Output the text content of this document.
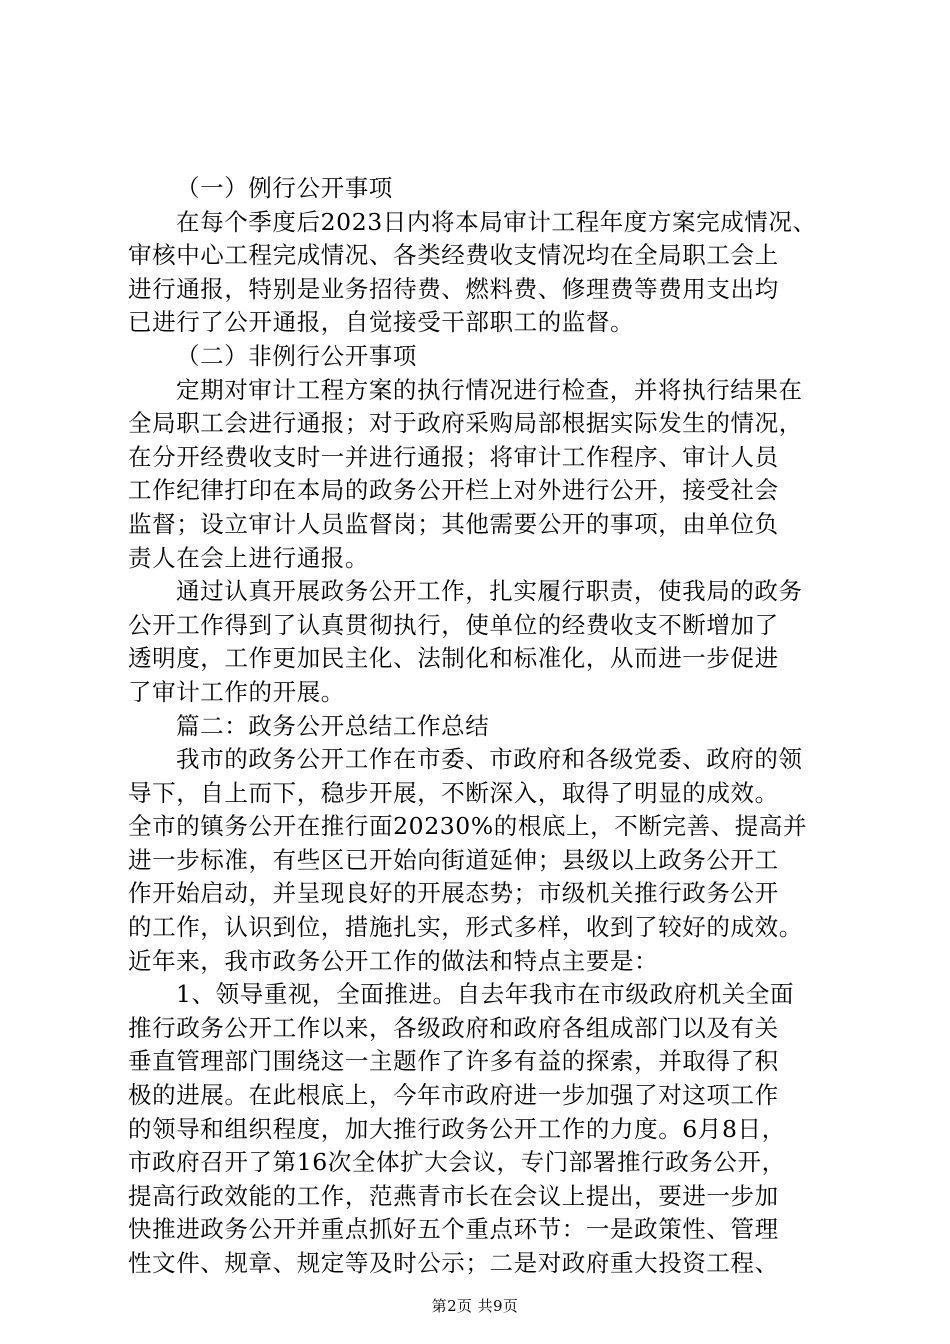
（一）例行公开事项
在每个季度后2023日内将本局审计工程年度方案完成情况、
审核中心工程完成情况、各类经费收支情况均在全局职工会上
进行通报，特别是业务招待费、燃料费、修理费等费用支出均
已进行了公开通报，自觉接受干部职工的监督。
（二）非例行公开事项
定期对审计工程方案的执行情况进行检查，并将执行结果在
全局职工会进行通报；对于政府采购局部根据实际发生的情况，
在分开经费收支时一并进行通报；将审计工作程序、审计人员
工作纪律打印在本局的政务公开栏上对外进行公开，接受社会
监督；设立审计人员监督岗；其他需要公开的事项，由单位负
责人在会上进行通报。
通过认真开展政务公开工作，扎实履行职责，使我局的政务
公开工作得到了认真贯彻执行，使单位的经费收支不断增加了
透明度，工作更加民主化、法制化和标准化，从而进一步促进
了审计工作的开展。
篇二：政务公开总结工作总结
我市的政务公开工作在市委、市政府和各级党委、政府的领
导下，自上而下，稳步开展，不断深入，取得了明显的成效。
全市的镇务公开在推行面20230%的根底上，不断完善、提高并
进一步标准，有些区已开始向街道延伸；县级以上政务公开工
作开始启动，并呈现良好的开展态势；市级机关推行政务公开
的工作，认识到位，措施扎实，形式多样，收到了较好的成效。
近年来，我市政务公开工作的做法和特点主要是：
1、领导重视，全面推进。自去年我市在市级政府机关全面
推行政务公开工作以来，各级政府和政府各组成部门以及有关
垂直管理部门围绕这一主题作了许多有益的探索，并取得了积
极的进展。在此根底上，今年市政府进一步加强了对这项工作
的领导和组织程度，加大推行政务公开工作的力度。6月8日，
市政府召开了第16次全体扩大会议，专门部署推行政务公开，
提高行政效能的工作，范燕青市长在会议上提出，要进一步加
快推进政务公开并重点抓好五个重点环节：一是政策性、管理
性文件、规章、规定等及时公示；二是对政府重大投资工程、
第2页 共9页
